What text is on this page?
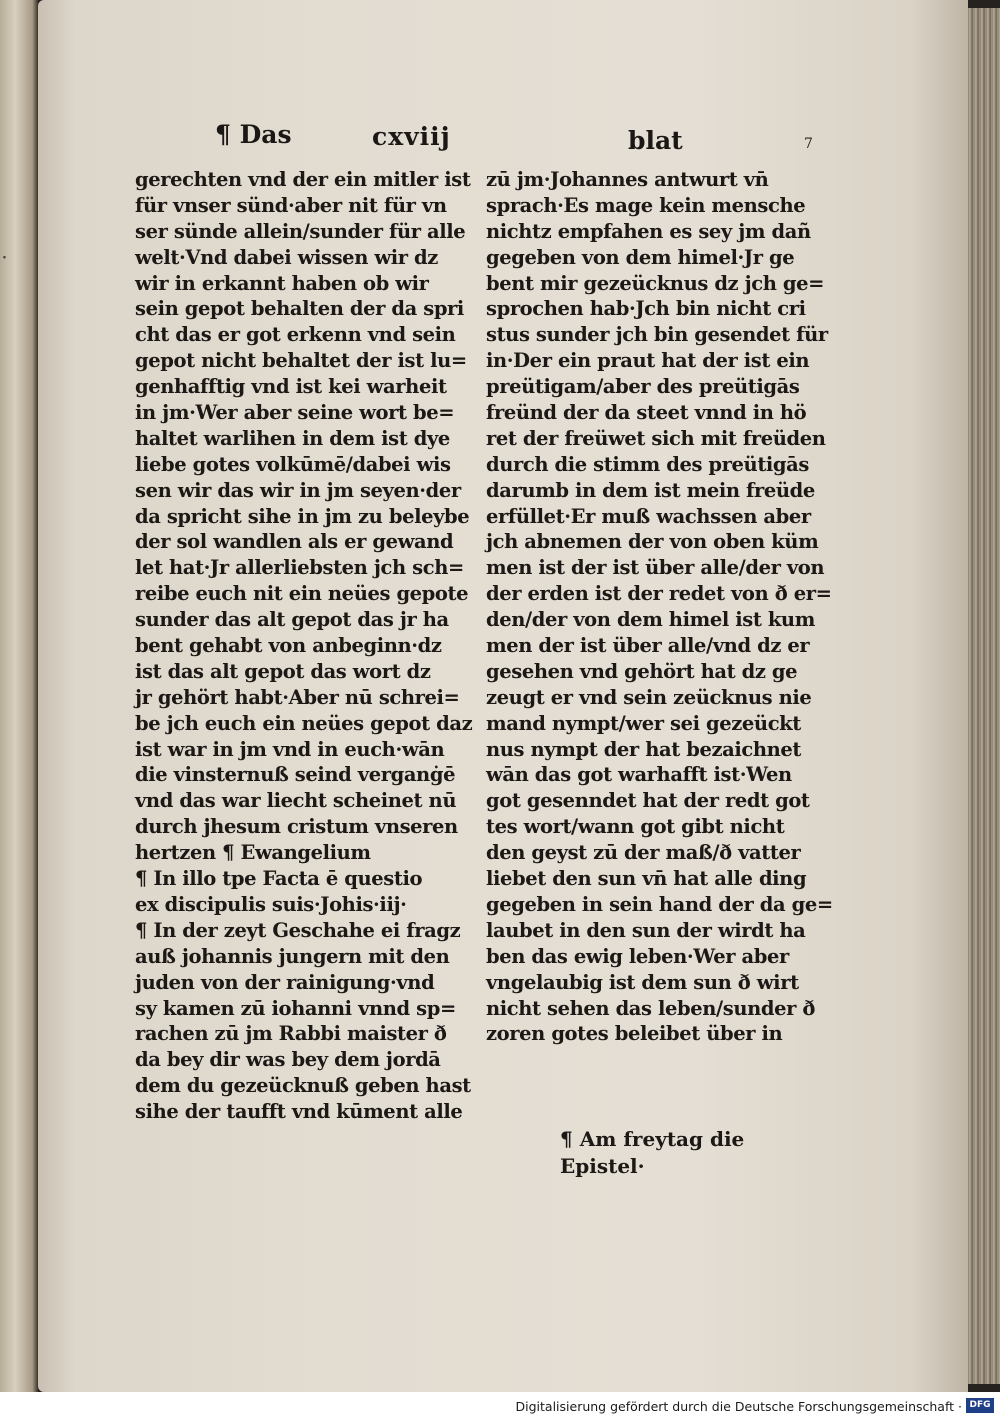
·
¶ Das	cxviij	blat	7
gerechten vnd der ein mitler ist
für vnser sünd·aber nit für vn
ser sünde allein/sunder für alle
welt·Vnd dabei wissen wir dz
wir in erkannt haben ob wir
sein gepot behalten der da spri
cht das er got erkenn vnd sein
gepot nicht behaltet der ist lu=
genhafftig vnd ist kei warheit
in jm·Wer aber seine wort be=
haltet warlihen in dem ist dye
liebe gotes volkūmē/dabei wis
sen wir das wir in jm seyen·der
da spricht sihe in jm zu beleybe
der sol wandlen als er gewand
let hat·Jr allerliebsten jch sch=
reibe euch nit ein neües gepote
sunder das alt gepot das jr ha
bent gehabt von anbeginn·dz
ist das alt gepot das wort dz
jr gehört habt·Aber nū schrei=
be jch euch ein neües gepot daz
ist war in jm vnd in euch·wān
die vinsternuß seind verganġē
vnd das war liecht scheinet nū
durch jhesum cristum vnseren
hertzen ¶ Ewangelium
¶ In illo tpe Facta ē questio
ex discipulis suis·Johis·iij·
¶ In der zeyt Geschahe ei fragz
auß johannis jungern mit den
juden von der rainigung·vnd
sy kamen zū iohanni vnnd sp=
rachen zū jm Rabbi maister ð
da bey dir was bey dem jordā
dem du gezeücknuß geben hast
sihe der taufft vnd kūment alle
zū jm·Johannes antwurt vn̄
sprach·Es mage kein mensche
nichtz empfahen es sey jm dañ
gegeben von dem himel·Jr ge
bent mir gezeücknus dz jch ge=
sprochen hab·Jch bin nicht cri
stus sunder jch bin gesendet für
in·Der ein praut hat der ist ein
preütigam/aber des preütigās
freünd der da steet vnnd in hö
ret der freüwet sich mit freüden
durch die stimm des preütigās
darumb in dem ist mein freüde
erfüllet·Er muß wachssen aber
jch abnemen der von oben küm
men ist der ist über alle/der von
der erden ist der redet von ð er=
den/der von dem himel ist kum
men der ist über alle/vnd dz er
gesehen vnd gehört hat dz ge
zeugt er vnd sein zeücknus nie
mand nympt/wer sei gezeückt
nus nympt der hat bezaichnet
wān das got warhafft ist·Wen
got gesenndet hat der redt got
tes wort/wann got gibt nicht
den geyst zū der maß/ð vatter
liebet den sun vn̄ hat alle ding
gegeben in sein hand der da ge=
laubet in den sun der wirdt ha
ben das ewig leben·Wer aber
vngelaubig ist dem sun ð wirt
nicht sehen das leben/sunder ð
zoren gotes beleibet über in
¶ Am freytag die
Epistel·
Digitalisierung gefördert durch die Deutsche Forschungsgemeinschaft · DFG
